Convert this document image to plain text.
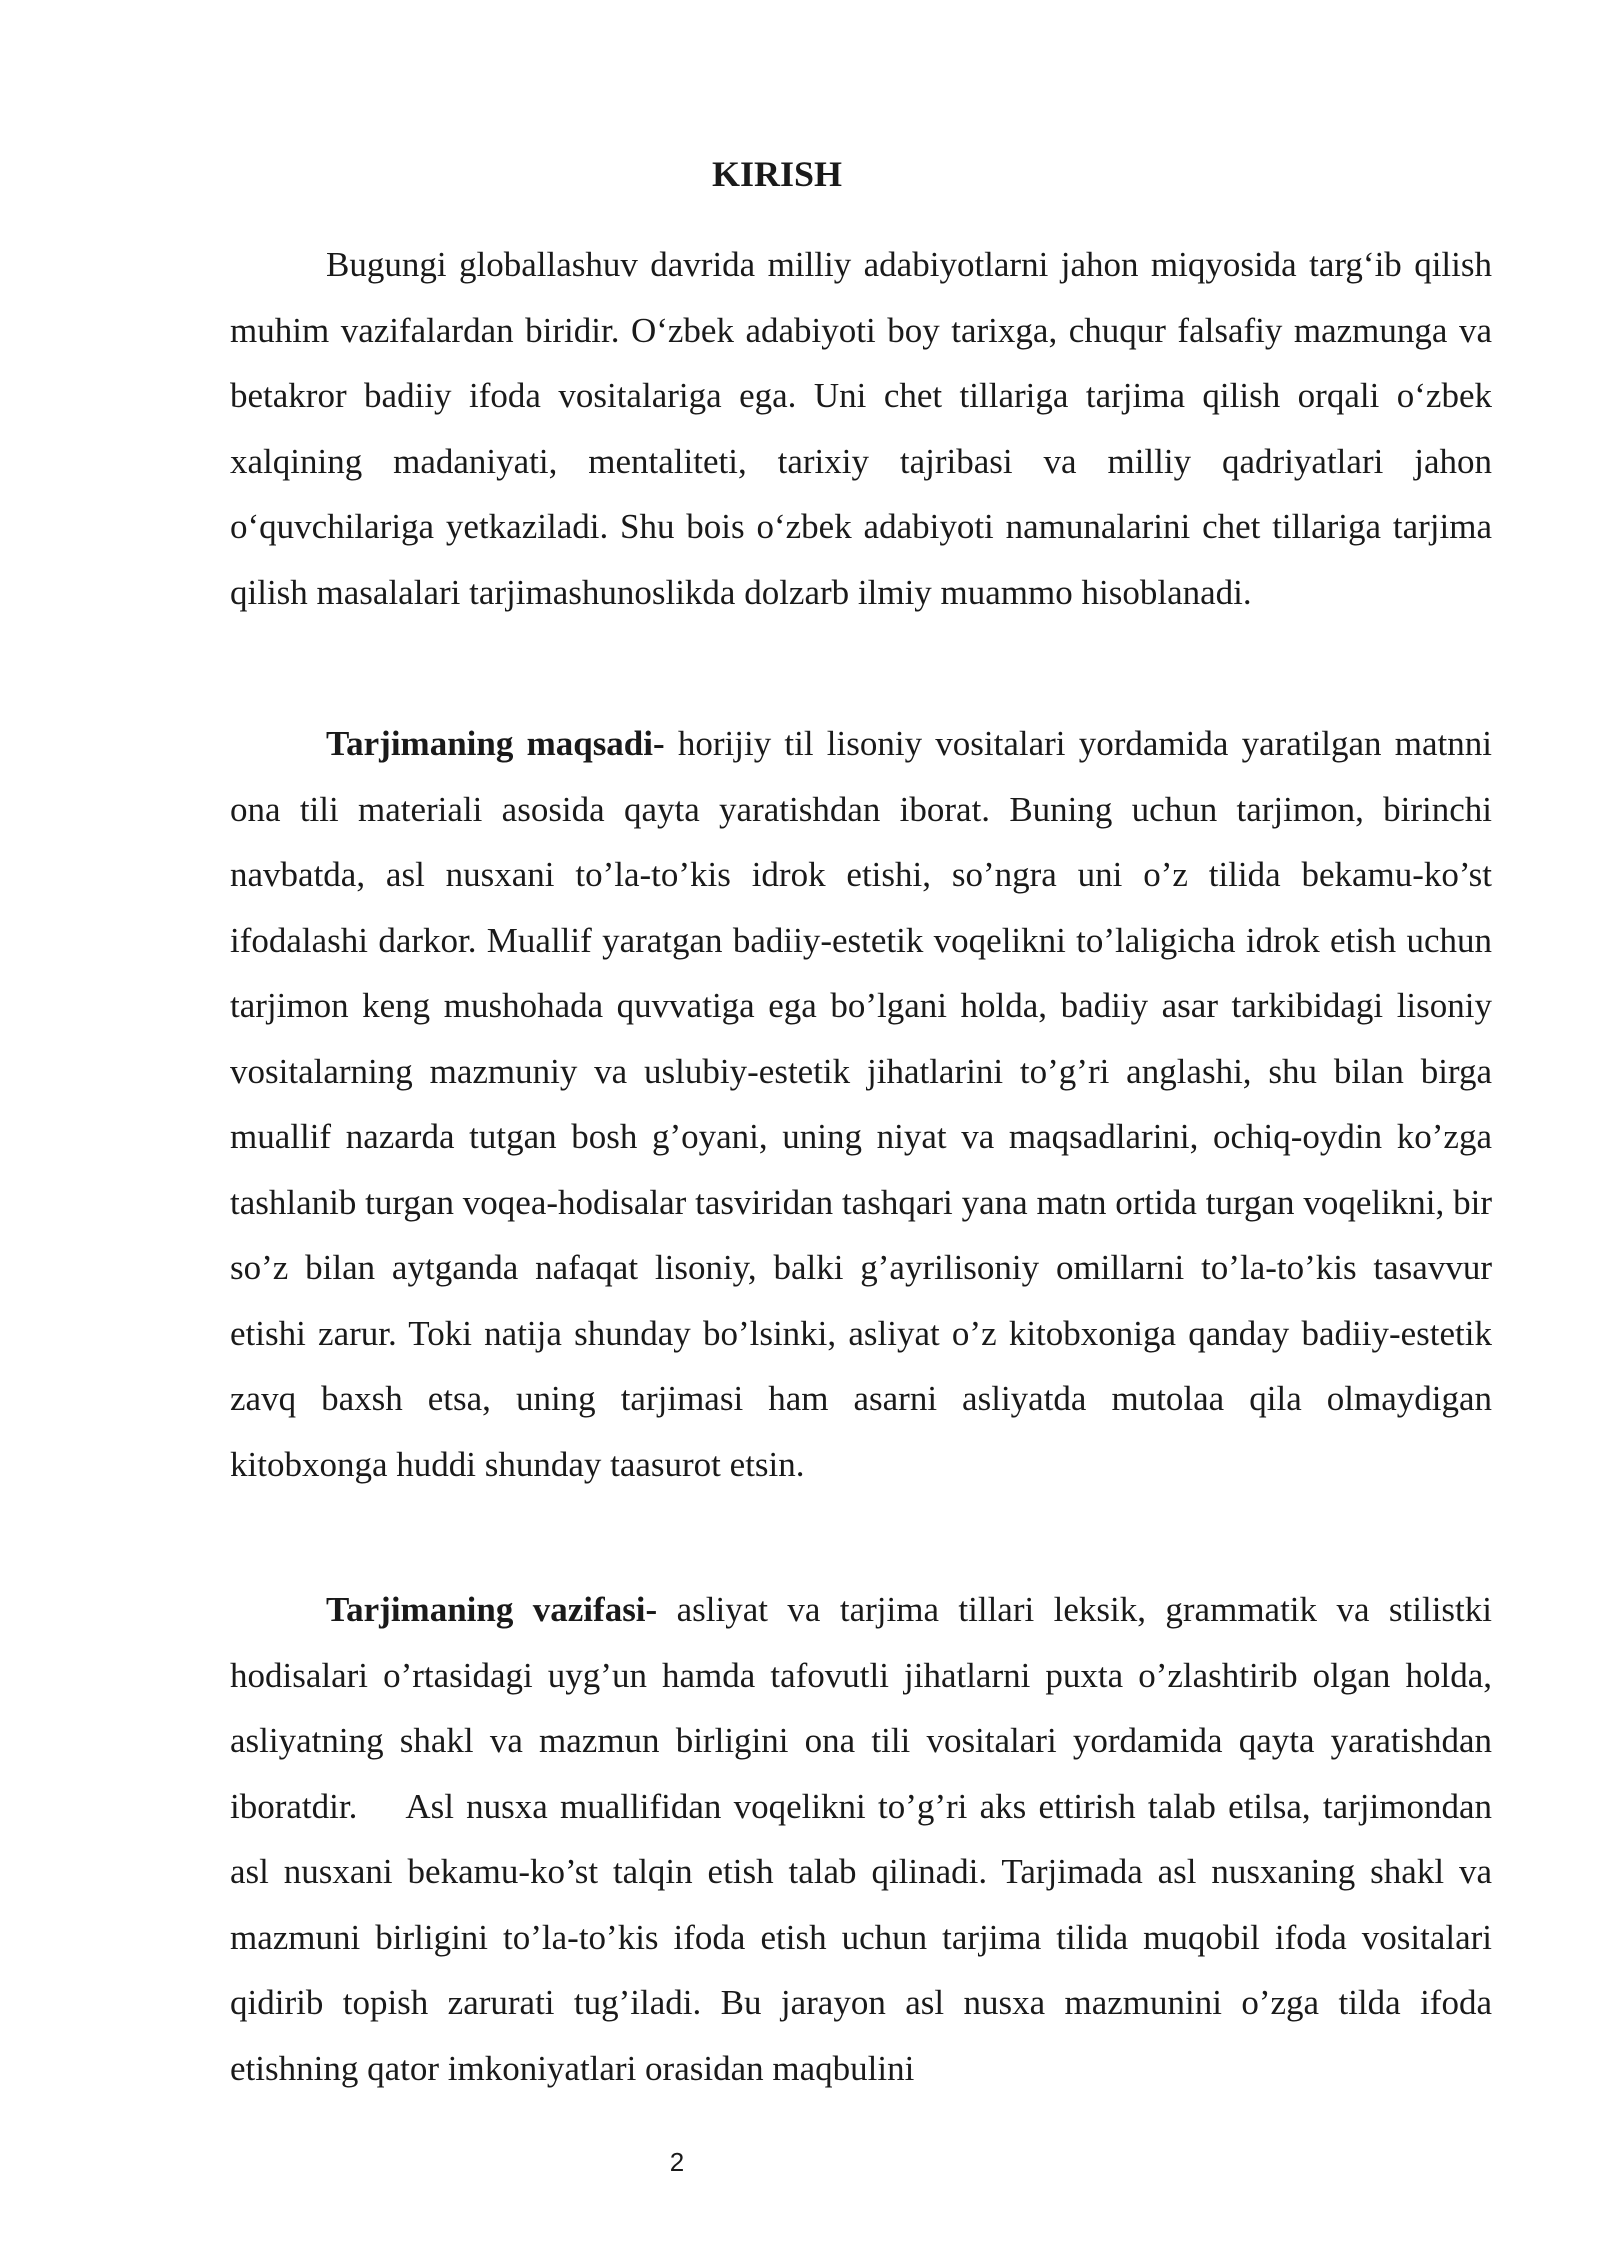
KIRISH

Bugungi globallashuv davrida milliy adabiyotlarni jahon miqyosida targ‘ib qilish muhim vazifalardan biridir. O‘zbek adabiyoti boy tarixga, chuqur falsafiy mazmunga va betakror badiiy ifoda vositalariga ega. Uni chet tillariga tarjima qilish orqali o‘zbek xalqining madaniyati, mentaliteti, tarixiy tajribasi va milliy qadriyatlari jahon o‘quvchilariga yetkaziladi. Shu bois o‘zbek adabiyoti namunalarini chet tillariga tarjima qilish masalalari tarjimashunoslikda dolzarb ilmiy muammo hisoblanadi.

Tarjimaning maqsadi- horijiy til lisoniy vositalari yordamida yaratilgan matnni ona tili materiali asosida qayta yaratishdan iborat. Buning uchun tarjimon, birinchi navbatda, asl nusxani to’la-to’kis idrok etishi, so’ngra uni o’z tilida bekamu-ko’st ifodalashi darkor. Muallif yaratgan badiiy-estetik voqelikni to’laligicha idrok etish uchun tarjimon keng mushohada quvvatiga ega bo’lgani holda, badiiy asar tarkibidagi lisoniy vositalarning mazmuniy va uslubiy-estetik jihatlarini to’g’ri anglashi, shu bilan birga muallif nazarda tutgan bosh g’oyani, uning niyat va maqsadlarini, ochiq-oydin ko’zga tashlanib turgan voqea-hodisalar tasviridan tashqari yana matn ortida turgan voqelikni, bir so’z bilan aytganda nafaqat lisoniy, balki g’ayrilisoniy omillarni to’la-to’kis tasavvur etishi zarur. Toki natija shunday bo’lsinki, asliyat o’z kitobxoniga qanday badiiy-estetik zavq baxsh etsa, uning tarjimasi ham asarni asliyatda mutolaa qila olmaydigan kitobxonga huddi shunday taasurot etsin.

Tarjimaning vazifasi- asliyat va tarjima tillari leksik, grammatik va stilistki hodisalari o’rtasidagi uyg’un hamda tafovutli jihatlarni puxta o’zlashtirib olgan holda, asliyatning shakl va mazmun birligini ona tili vositalari yordamida qayta yaratishdan iboratdir. Asl nusxa muallifidan voqelikni to’g’ri aks ettirish talab etilsa, tarjimondan asl nusxani bekamu-ko’st talqin etish talab qilinadi. Tarjimada asl nusxaning shakl va mazmuni birligini to’la-to’kis ifoda etish uchun tarjima tilida muqobil ifoda vositalari qidirib topish zarurati tug’iladi. Bu jarayon asl nusxa mazmunini o’zga tilda ifoda etishning qator imkoniyatlari orasidan maqbulini

2
